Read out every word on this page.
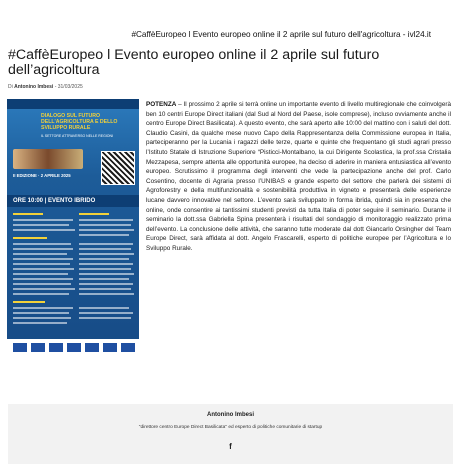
#CaffèEuropeo l Evento europeo online il 2 aprile sul futuro dell'agricoltura - ivl24.it
#CaffèEuropeo l Evento europeo online il 2 aprile sul futuro dell’agricoltura
Di Antonino Imbesi - 31/03/2025
DIALOGO SUL FUTURO DELL'AGRICOLTURA E DELLO SVILUPPO RURALE
IL SETTORE ATTRAVERSO NELLE REGIONI
II EDIZIONE · 2 APRILE 2025
ORE 10:00 | EVENTO IBRIDO

POTENZA – Il prossimo 2 aprile si terrà online un importante evento di livello multiregionale che coinvolgerà ben 10 centri Europe Direct italiani (dal Sud al Nord del Paese, isole comprese), incluso ovviamente anche il centro Europe Direct Basilicata). A questo evento, che sarà aperto alle 10:00 del mattino con i saluti del dott. Claudio Casini, da qualche mese nuovo Capo della Rappresentanza della Commissione europea in Italia, parteciperanno per la Lucania i ragazzi delle terze, quarte e quinte che frequentano gli studi agrari presso l’Istituto Statale di Istruzione Superiore “Pisticci-Montalbano, la cui Dirigente Scolastica, la prof.ssa Cristalia Mezzapesa, sempre attenta alle opportunità europee, ha deciso di aderire in maniera entusiastica all’evento europeo. Scrutissimo il programma degli interventi che vede la partecipazione anche del prof. Carlo Cosentino, docente di Agraria presso l’UNIBAS e grande esperto del settore che parlerà dei sistemi di Agroforestry e della multifunzionalità e sostenibilità produttiva in vigneto e presenterà delle esperienze lucane davvero innovative nel settore. L’evento sarà sviluppato in forma ibrida, quindi sia in presenza che online, onde consentire ai tantissimi studenti previsti da tutta Italia di poter seguire il seminario. Durante il seminario la dott.ssa Gabriella Spina presenterà i risultati del sondaggio di monitoraggio realizzato prima dell’evento. La conclusione delle attività, che saranno tutte moderate dal dott Giancarlo Orsingher del Team Europe Direct, sarà affidata al dott. Angelo Frascarelli, esperto di politiche europee per l’Agricoltura e lo Sviluppo Rurale.

Antonino Imbesi
"direttore centro Europe Direct Basilicata" ed esperto di politiche comunitarie di startup
f
